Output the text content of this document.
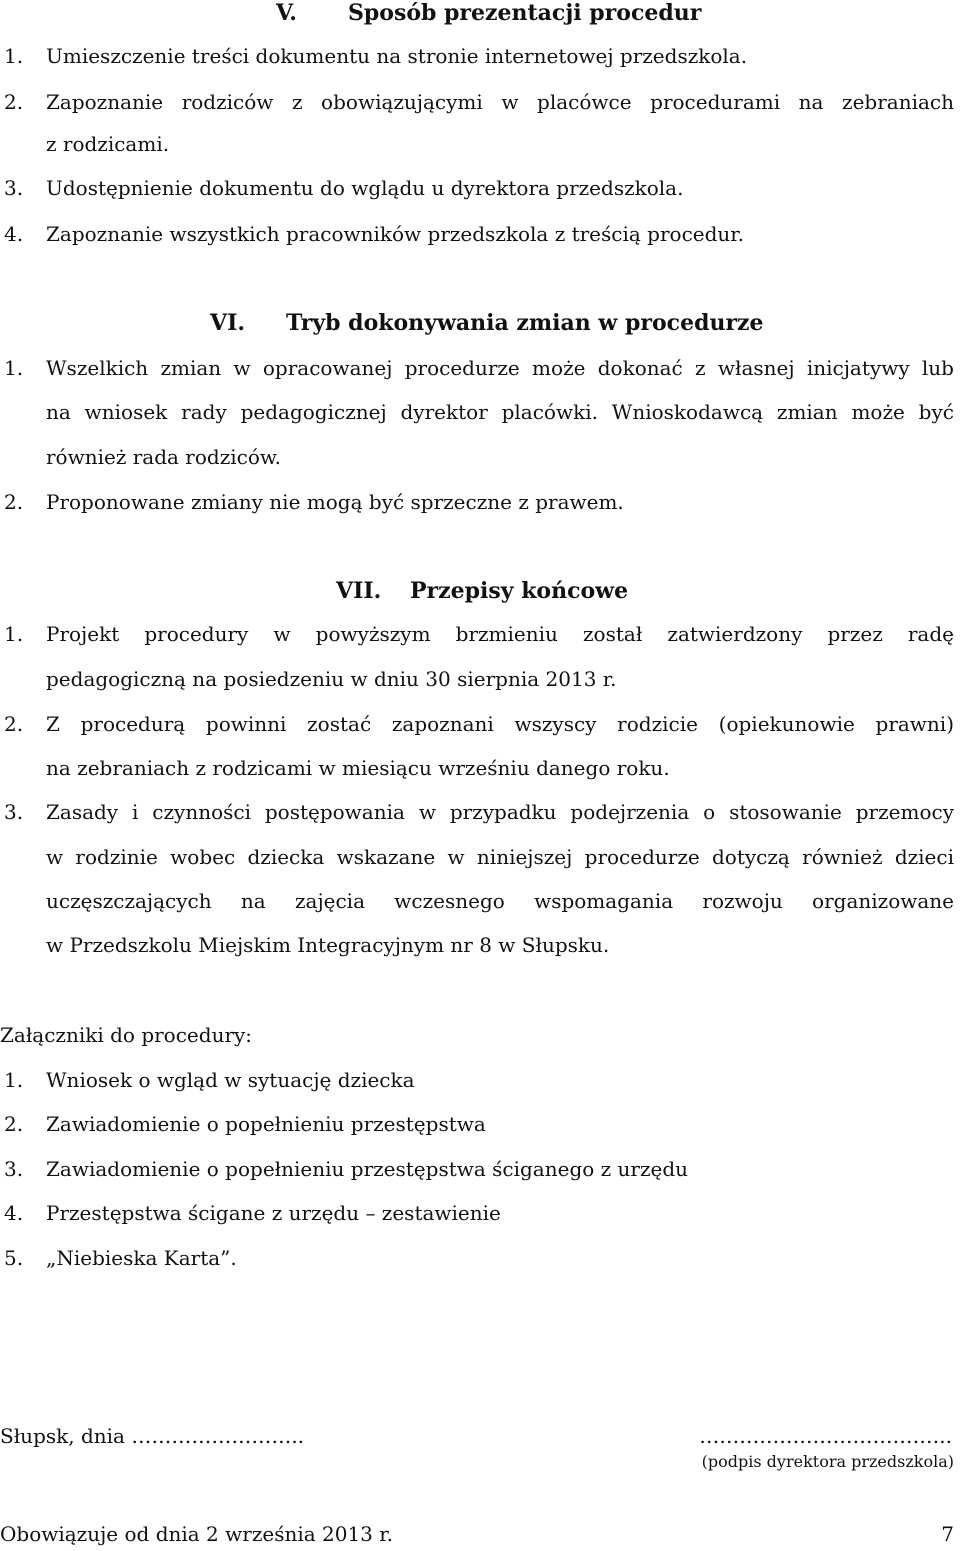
V. Sposób prezentacji procedur
1. Umieszczenie treści dokumentu na stronie internetowej przedszkola.
2. Zapoznanie rodziców z obowiązującymi w placówce procedurami na zebraniach
z rodzicami.
3. Udostępnienie dokumentu do wglądu u dyrektora przedszkola.
4. Zapoznanie wszystkich pracowników przedszkola z treścią procedur.
VI. Tryb dokonywania zmian w procedurze
1. Wszelkich zmian w opracowanej procedurze może dokonać z własnej inicjatywy lub
na wniosek rady pedagogicznej dyrektor placówki. Wnioskodawcą zmian może być
również rada rodziców.
2. Proponowane zmiany nie mogą być sprzeczne z prawem.
VII. Przepisy końcowe
1. Projekt procedury w powyższym brzmieniu został zatwierdzony przez radę
pedagogiczną na posiedzeniu w dniu 30 sierpnia 2013 r.
2. Z procedurą powinni zostać zapoznani wszyscy rodzicie (opiekunowie prawni)
na zebraniach z rodzicami w miesiącu wrześniu danego roku.
3. Zasady i czynności postępowania w przypadku podejrzenia o stosowanie przemocy
w rodzinie wobec dziecka wskazane w niniejszej procedurze dotyczą również dzieci
uczęszczających na zajęcia wczesnego wspomagania rozwoju organizowane
w Przedszkolu Miejskim Integracyjnym nr 8 w Słupsku.
Załączniki do procedury:
1. Wniosek o wgląd w sytuację dziecka
2. Zawiadomienie o popełnieniu przestępstwa
3. Zawiadomienie o popełnieniu przestępstwa ściganego z urzędu
4. Przestępstwa ścigane z urzędu – zestawienie
5. „Niebieska Karta”.
Słupsk, dnia ……………………..	………………………………..
(podpis dyrektora przedszkola)
Obowiązuje od dnia 2 września 2013 r.	7
